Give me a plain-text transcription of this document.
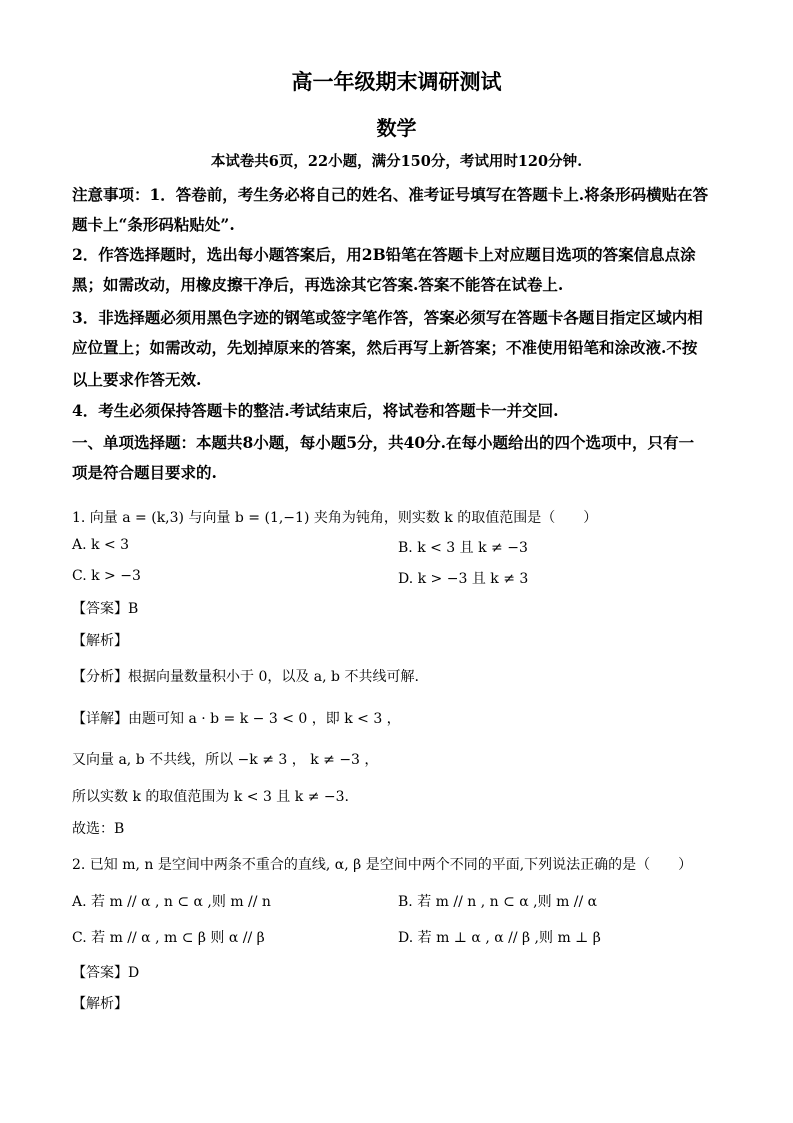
高一年级期末调研测试
数学
本试卷共6页，22小题，满分150分，考试用时120分钟.
注意事项：1．答卷前，考生务必将自己的姓名、准考证号填写在答题卡上.将条形码横贴在答
题卡上“条形码粘贴处”.
2．作答选择题时，选出每小题答案后，用2B铅笔在答题卡上对应题目选项的答案信息点涂
黑；如需改动，用橡皮擦干净后，再选涂其它答案.答案不能答在试卷上.
3．非选择题必须用黑色字迹的钢笔或签字笔作答，答案必须写在答题卡各题目指定区域内相
应位置上；如需改动，先划掉原来的答案，然后再写上新答案；不准使用铅笔和涂改液.不按
以上要求作答无效.
4．考生必须保持答题卡的整洁.考试结束后，将试卷和答题卡一并交回.
一、单项选择题：本题共8小题，每小题5分，共40分.在每小题给出的四个选项中，只有一
项是符合题目要求的.
1. 向量 a = (k,3) 与向量 b = (1,−1) 夹角为钝角，则实数 k 的取值范围是（　　）
A. k < 3	B. k < 3 且 k ≠ −3
C. k > −3	D. k > −3 且 k ≠ 3
【答案】B
【解析】
【分析】根据向量数量积小于 0，以及 a, b 不共线可解.
【详解】由题可知 a · b = k − 3 < 0 ，即 k < 3 ，
又向量 a, b 不共线，所以 −k ≠ 3 ， k ≠ −3 ，
所以实数 k 的取值范围为 k < 3 且 k ≠ −3.
故选：B
2. 已知 m, n 是空间中两条不重合的直线, α, β 是空间中两个不同的平面,下列说法正确的是（　　）
A. 若 m // α , n ⊂ α ,则 m // n	B. 若 m // n , n ⊂ α ,则 m // α
C. 若 m // α , m ⊂ β 则 α // β	D. 若 m ⊥ α , α // β ,则 m ⊥ β
【答案】D
【解析】
